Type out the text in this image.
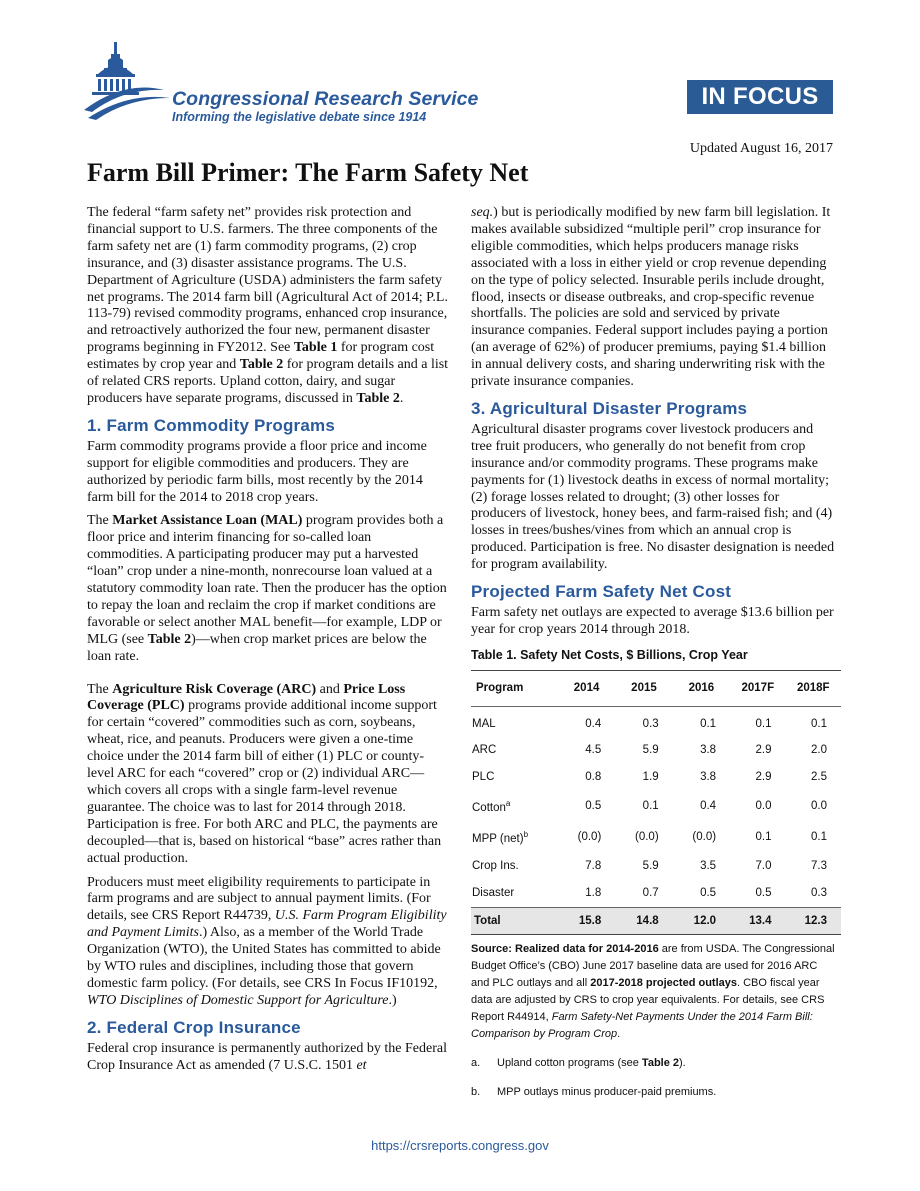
Congressional Research Service
Informing the legislative debate since 1914
IN FOCUS
Updated August 16, 2017
Farm Bill Primer: The Farm Safety Net

The federal “farm safety net” provides risk protection and financial support to U.S. farmers. The three components of the farm safety net are (1) farm commodity programs, (2) crop insurance, and (3) disaster assistance programs. The U.S. Department of Agriculture (USDA) administers the farm safety net programs. The 2014 farm bill (Agricultural Act of 2014; P.L. 113-79) revised commodity programs, enhanced crop insurance, and retroactively authorized the four new, permanent disaster programs beginning in FY2012. See Table 1 for program cost estimates by crop year and Table 2 for program details and a list of related CRS reports. Upland cotton, dairy, and sugar producers have separate programs, discussed in Table 2.

1. Farm Commodity Programs

Farm commodity programs provide a floor price and income support for eligible commodities and producers. They are authorized by periodic farm bills, most recently by the 2014 farm bill for the 2014 to 2018 crop years.

The Market Assistance Loan (MAL) program provides both a floor price and interim financing for so-called loan commodities. A participating producer may put a harvested “loan” crop under a nine-month, nonrecourse loan valued at a statutory commodity loan rate. Then the producer has the option to repay the loan and reclaim the crop if market conditions are favorable or select another MAL benefit—for example, LDP or MLG (see Table 2)—when crop market prices are below the loan rate.

The Agriculture Risk Coverage (ARC) and Price Loss Coverage (PLC) programs provide additional income support for certain “covered” commodities such as corn, soybeans, wheat, rice, and peanuts. Producers were given a one-time choice under the 2014 farm bill of either (1) PLC or county-level ARC for each “covered” crop or (2) individual ARC—which covers all crops with a single farm-level revenue guarantee. The choice was to last for 2014 through 2018. Participation is free. For both ARC and PLC, the payments are decoupled—that is, based on historical “base” acres rather than actual production.

Producers must meet eligibility requirements to participate in farm programs and are subject to annual payment limits. (For details, see CRS Report R44739, U.S. Farm Program Eligibility and Payment Limits.) Also, as a member of the World Trade Organization (WTO), the United States has committed to abide by WTO rules and disciplines, including those that govern domestic farm policy. (For details, see CRS In Focus IF10192, WTO Disciplines of Domestic Support for Agriculture.)

2. Federal Crop Insurance

Federal crop insurance is permanently authorized by the Federal Crop Insurance Act as amended (7 U.S.C. 1501 et

seq.) but is periodically modified by new farm bill legislation. It makes available subsidized “multiple peril” crop insurance for eligible commodities, which helps producers manage risks associated with a loss in either yield or crop revenue depending on the type of policy selected. Insurable perils include drought, flood, insects or disease outbreaks, and crop-specific revenue shortfalls. The policies are sold and serviced by private insurance companies. Federal support includes paying a portion (an average of 62%) of producer premiums, paying $1.4 billion in annual delivery costs, and sharing underwriting risk with the private insurance companies.

3. Agricultural Disaster Programs

Agricultural disaster programs cover livestock producers and tree fruit producers, who generally do not benefit from crop insurance and/or commodity programs. These programs make payments for (1) livestock deaths in excess of normal mortality; (2) forage losses related to drought; (3) other losses for producers of livestock, honey bees, and farm-raised fish; and (4) losses in trees/bushes/vines from which an annual crop is produced. Participation is free. No disaster designation is needed for program availability.

Projected Farm Safety Net Cost

Farm safety net outlays are expected to average $13.6 billion per year for crop years 2014 through 2018.

Table 1. Safety Net Costs, $ Billions, Crop Year
Program	2014	2015	2016	2017F	2018F
MAL	0.4	0.3	0.1	0.1	0.1
ARC	4.5	5.9	3.8	2.9	2.0
PLC	0.8	1.9	3.8	2.9	2.5
Cotton$^a$	0.5	0.1	0.4	0.0	0.0
MPP (net)$^b$	(0.0)	(0.0)	(0.0)	0.1	0.1
Crop Ins.	7.8	5.9	3.5	7.0	7.3
Disaster	1.8	0.7	0.5	0.5	0.3
Total	15.8	14.8	12.0	13.4	12.3
Source: Realized data for 2014-2016 are from USDA. The Congressional Budget Office’s (CBO) June 2017 baseline data are used for 2016 ARC and PLC outlays and all 2017-2018 projected outlays. CBO fiscal year data are adjusted by CRS to crop year equivalents. For details, see CRS Report R44914, Farm Safety-Net Payments Under the 2014 Farm Bill: Comparison by Program Crop.
a.	Upland cotton programs (see Table 2).
b.	MPP outlays minus producer-paid premiums.
https://crsreports.congress.gov
